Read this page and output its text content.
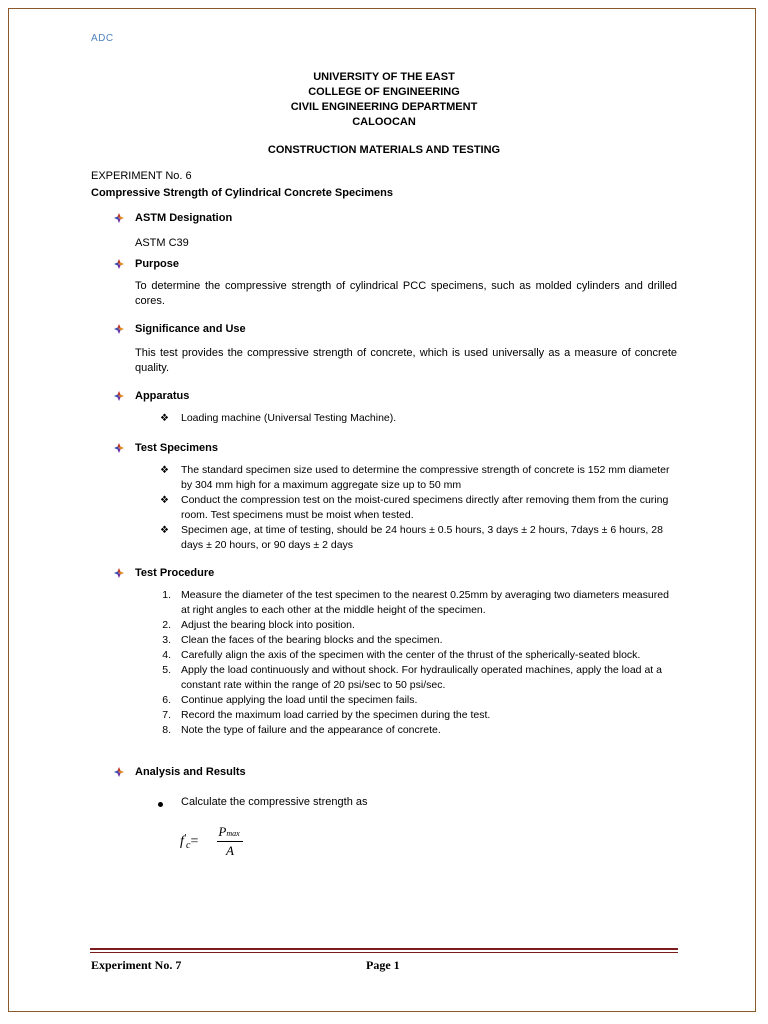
ADC
UNIVERSITY OF THE EAST
COLLEGE OF ENGINEERING
CIVIL ENGINEERING DEPARTMENT
CALOOCAN
CONSTRUCTION MATERIALS AND TESTING
EXPERIMENT No. 6
Compressive Strength of Cylindrical Concrete Specimens
ASTM Designation
ASTM C39
Purpose
To determine the compressive strength of cylindrical PCC specimens, such as molded cylinders and drilled cores.
Significance and Use
This test provides the compressive strength of concrete, which is used universally as a measure of concrete quality.
Apparatus
❖ Loading machine (Universal Testing Machine).
Test Specimens
❖ The standard specimen size used to determine the compressive strength of concrete is 152 mm diameter by 304 mm high for a maximum aggregate size up to 50 mm
❖ Conduct the compression test on the moist-cured specimens directly after removing them from the curing room. Test specimens must be moist when tested.
❖ Specimen age, at time of testing, should be 24 hours ± 0.5 hours, 3 days ± 2 hours, 7days ± 6 hours, 28 days ± 20 hours, or 90 days ± 2 days
Test Procedure
1. Measure the diameter of the test specimen to the nearest 0.25mm by averaging two diameters measured at right angles to each other at the middle height of the specimen.
2. Adjust the bearing block into position.
3. Clean the faces of the bearing blocks and the specimen.
4. Carefully align the axis of the specimen with the center of the thrust of the spherically-seated block.
5. Apply the load continuously and without shock. For hydraulically operated machines, apply the load at a constant rate within the range of 20 psi/sec to 50 psi/sec.
6. Continue applying the load until the specimen fails.
7. Record the maximum load carried by the specimen during the test.
8. Note the type of failure and the appearance of concrete.
Analysis and Results
Calculate the compressive strength as
$f'_c=$
Pmax
A
Experiment No. 7	Page 1
